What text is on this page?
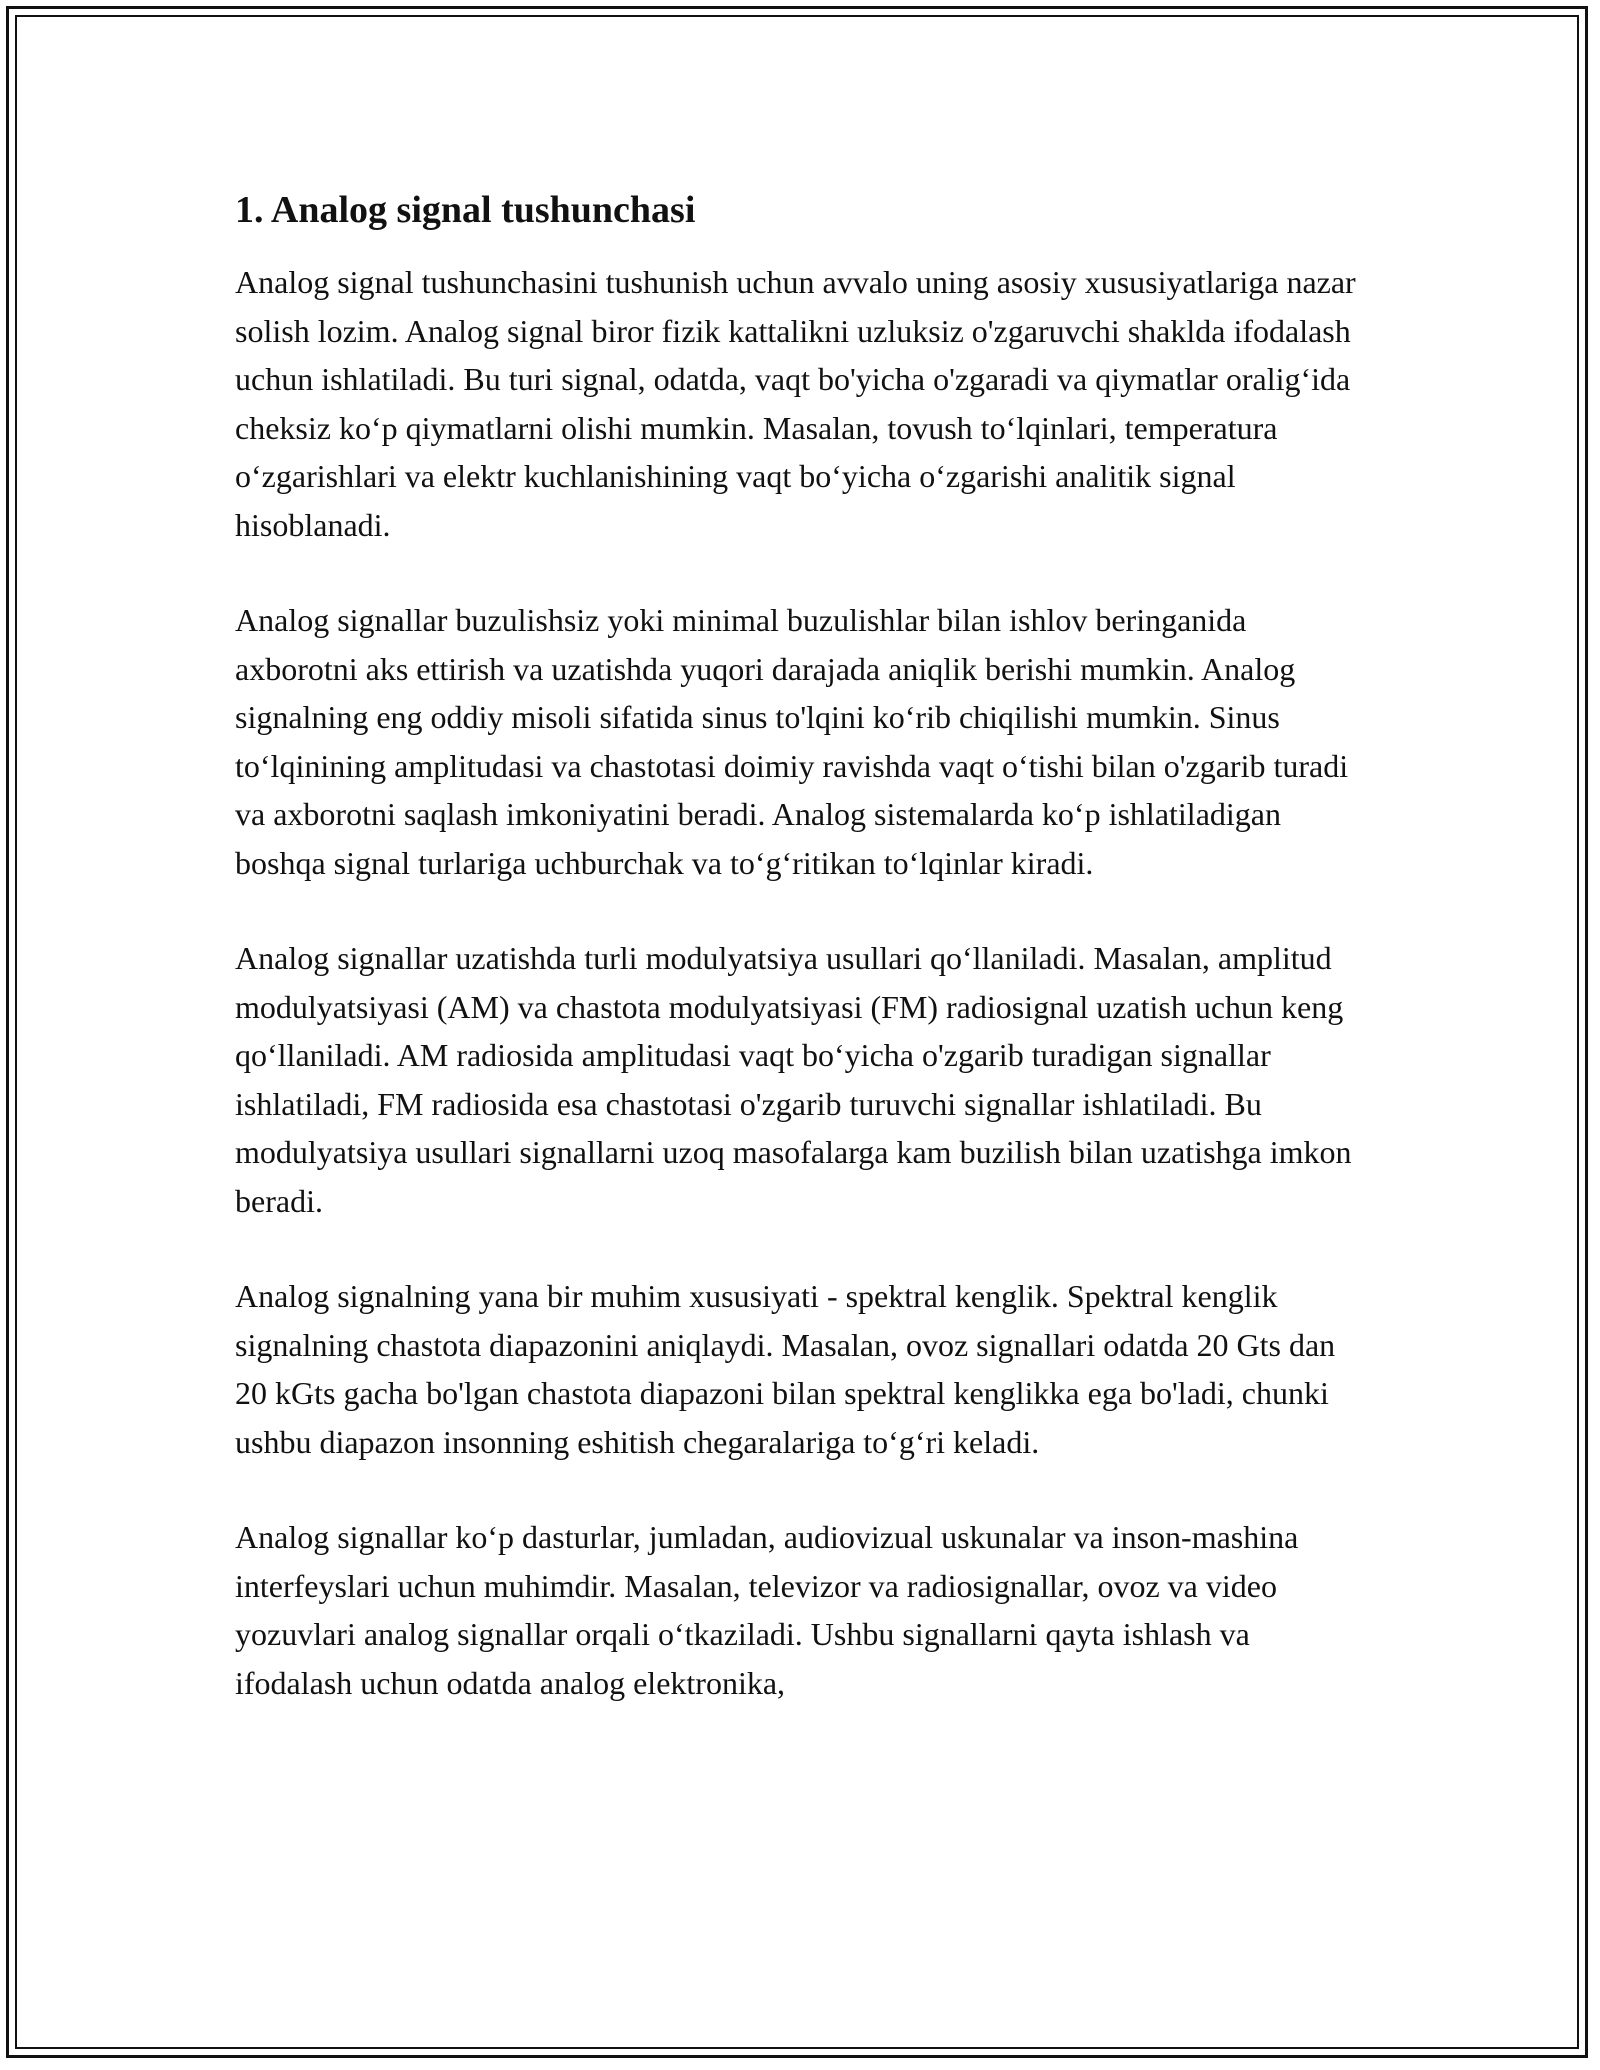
1. Analog signal tushunchasi

Analog signal tushunchasini tushunish uchun avvalo uning asosiy xususiyatlariga nazar solish lozim. Analog signal biror fizik kattalikni uzluksiz o'zgaruvchi shakldа ifodalash uchun ishlatiladi. Bu turi signal, odatda, vaqt bo'yicha o'zgaradi va qiymatlar oralig‘ida cheksiz ko‘p qiymatlarni olishi mumkin. Masalan, tovush to‘lqinlari, temperatura o‘zgarishlari va elektr kuchlanishining vaqt bo‘yicha o‘zgarishi analitik signal hisoblanadi.

Analog signallar buzulishsiz yoki minimal buzulishlar bilan ishlov beringanida axborotni aks ettirish va uzatishda yuqori darajada aniqlik berishi mumkin. Analog signalning eng oddiy misoli sifatida sinus to'lqini ko‘rib chiqilishi mumkin. Sinus to‘lqinining amplitudasi va chastotasi doimiy ravishda vaqt o‘tishi bilan o'zgarib turadi va axborotni saqlash imkoniyatini beradi. Analog sistemalarda ko‘p ishlatiladigan boshqa signal turlariga uchburchak va to‘g‘ritikan to‘lqinlar kiradi.

Analog signallar uzatishda turli modulyatsiya usullari qo‘llaniladi. Masalan, amplitud modulyatsiyasi (AM) va chastota modulyatsiyasi (FM) radiosignal uzatish uchun keng qo‘llaniladi. AM radiosida amplitudasi vaqt bo‘yicha o'zgarib turadigan signallar ishlatiladi, FM radiosida esa chastotasi o'zgarib turuvchi signallar ishlatiladi. Bu modulyatsiya usullari signallarni uzoq masofalarga kam buzilish bilan uzatishga imkon beradi.

Analog signalning yana bir muhim xususiyati - spektral kenglik. Spektral kenglik signalning chastota diapazonini aniqlaydi. Masalan, ovoz signallari odatda 20 Gts dan 20 kGts gacha bo'lgan chastota diapazoni bilan spektral kenglikka ega bo'ladi, chunki ushbu diapazon insonning eshitish chegaralariga to‘g‘ri keladi.

Analog signallar ko‘p dasturlar, jumladan, audiovizual uskunalar va inson-mashina interfeyslari uchun muhimdir. Masalan, televizor va radiosignallar, ovoz va video yozuvlari analog signallar orqali o‘tkaziladi. Ushbu signallarni qayta ishlash va ifodalash uchun odatda analog elektronika,
